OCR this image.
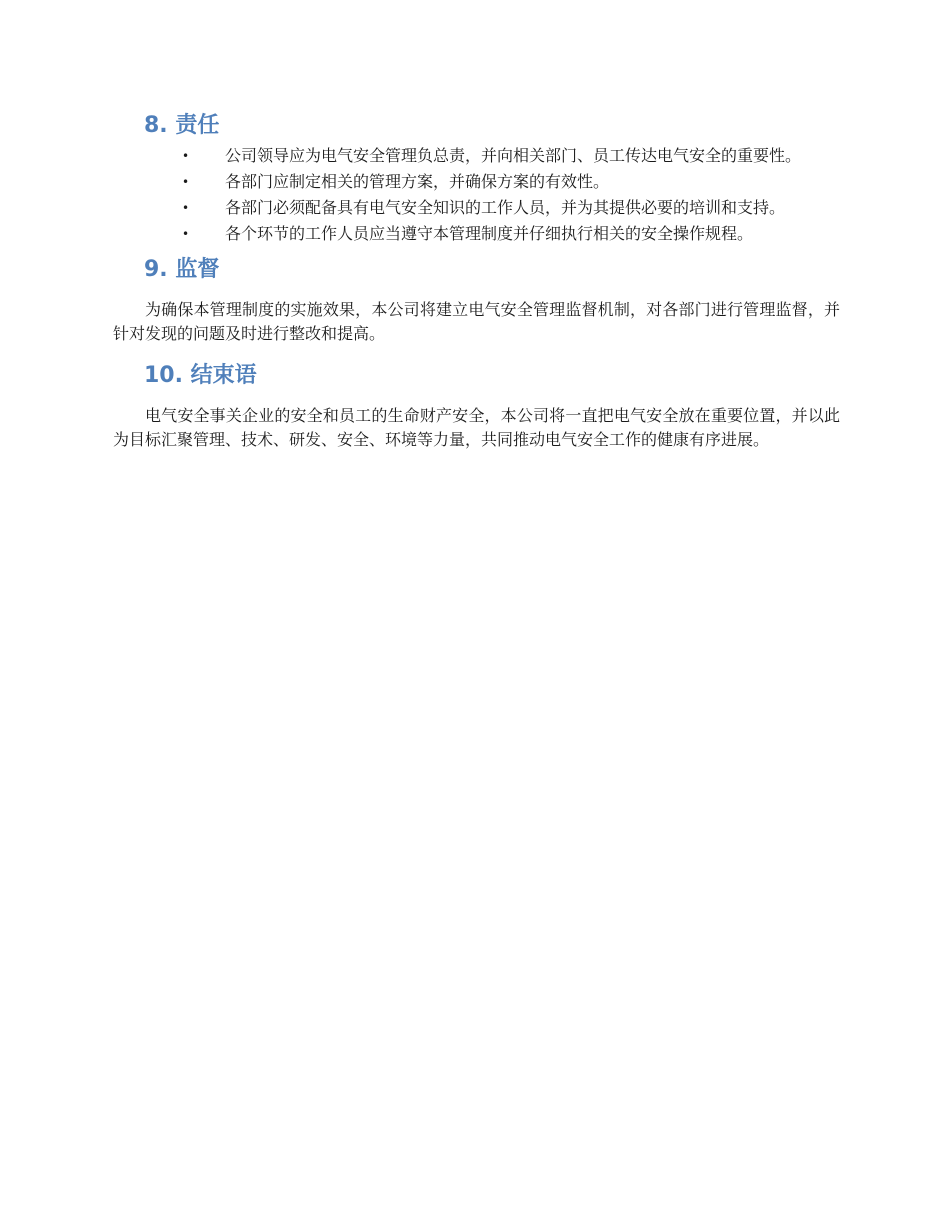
8. 责任
• 公司领导应为电气安全管理负总责，并向相关部门、员工传达电气安全的重要性。
• 各部门应制定相关的管理方案，并确保方案的有效性。
• 各部门必须配备具有电气安全知识的工作人员，并为其提供必要的培训和支持。
• 各个环节的工作人员应当遵守本管理制度并仔细执行相关的安全操作规程。
9. 监督

为确保本管理制度的实施效果，本公司将建立电气安全管理监督机制，对各部门进行管理监督，并针对发现的问题及时进行整改和提高。

10. 结束语

电气安全事关企业的安全和员工的生命财产安全，本公司将一直把电气安全放在重要位置，并以此为目标汇聚管理、技术、研发、安全、环境等力量，共同推动电气安全工作的健康有序进展。
